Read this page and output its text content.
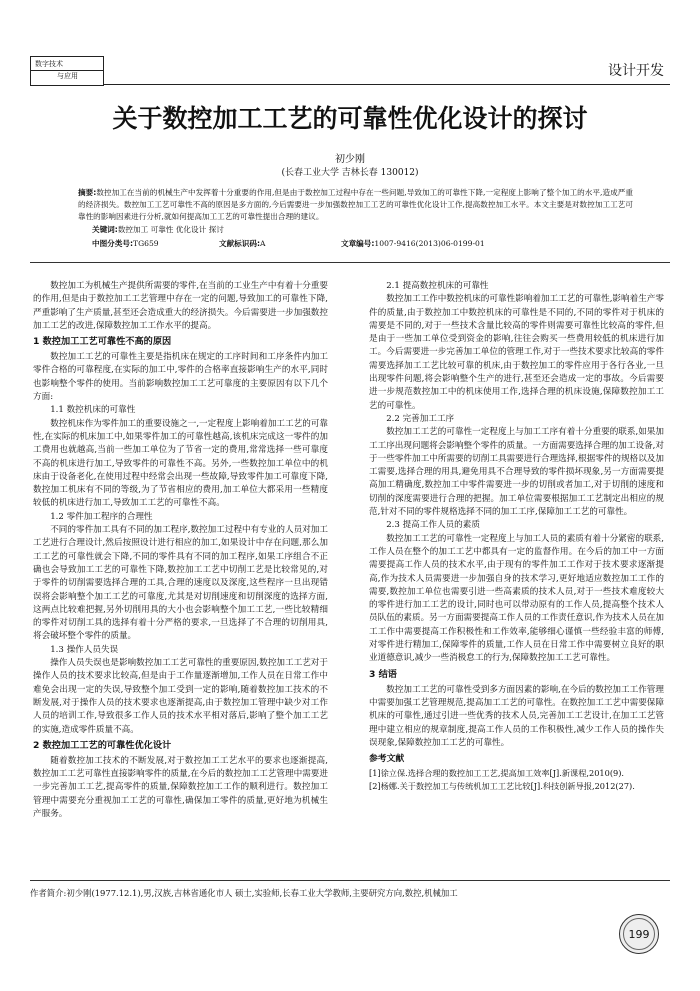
数字技术
与应用	设计开发
关于数控加工工艺的可靠性优化设计的探讨
初少刚
(长春工业大学 吉林长春 130012)
摘要:数控加工在当前的机械生产中发挥着十分重要的作用,但是由于数控加工过程中存在一些问题,导致加工的可靠性下降,一定程度上影响了整个加工的水平,造成严重的经济损失。数控加工工艺可靠性不高的原因是多方面的,今后需要进一步加强数控加工工艺的可靠性优化设计工作,提高数控加工水平。本文主要是对数控加工工艺可靠性的影响因素进行分析,就如何提高加工工艺的可靠性提出合理的建议。
关键词:数控加工 可靠性 优化设计 探讨
中图分类号:TG659	文献标识码:A	文章编号:1007-9416(2013)06-0199-01

数控加工为机械生产提供所需要的零件,在当前的工业生产中有着十分重要的作用,但是由于数控加工工艺管理中存在一定的问题,导致加工的可靠性下降,严重影响了生产质量,甚至还会造成重大的经济损失。今后需要进一步加强数控加工工艺的改进,保障数控加工工作水平的提高。

1 数控加工工艺可靠性不高的原因

数控加工工艺的可靠性主要是指机床在规定的工序时间和工序条件内加工零件合格的可靠程度,在实际的加工中,零件的合格率直接影响生产的水平,同时也影响整个零件的使用。当前影响数控加工工艺可靠度的主要原因有以下几个方面:

1.1 数控机床的可靠性

数控机床作为零件加工的重要设施之一,一定程度上影响着加工工艺的可靠性,在实际的机床加工中,如果零件加工的可靠性越高,该机床完成这一零件的加工费用也就越高,当前一些加工单位为了节省一定的费用,常常选择一些可靠度不高的机床进行加工,导致零件的可靠性不高。另外,一些数控加工单位中的机床由于设备老化,在使用过程中经常会出现一些故障,导致零件加工可靠度下降,数控加工机床有不同的等级,为了节省相应的费用,加工单位大都采用一些精度较低的机床进行加工,导致加工工艺的可靠性不高。

1.2 零件加工程序的合理性

不同的零件加工具有不同的加工程序,数控加工过程中有专业的人员对加工工艺进行合理设计,然后按照设计进行相应的加工,如果设计中存在问题,那么加工工艺的可靠性就会下降,不同的零件具有不同的加工程序,如果工序组合不正确也会导致加工工艺的可靠性下降,数控加工工艺中切削工艺是比较常见的,对于零件的切削需要选择合理的工具,合理的速度以及深度,这些程序一旦出现错误将会影响整个加工工艺的可靠度,尤其是对切削速度和切削深度的选择方面,这两点比较难把握,另外切削用具的大小也会影响整个加工工艺,一些比较精细的零件对切削工具的选择有着十分严格的要求,一旦选择了不合理的切削用具,将会破坏整个零件的质量。

1.3 操作人员失误

操作人员失误也是影响数控加工工艺可靠性的重要原因,数控加工工艺对于操作人员的技术要求比较高,但是由于工作量逐渐增加,工作人员在日常工作中难免会出现一定的失误,导致整个加工受到一定的影响,随着数控加工技术的不断发展,对于操作人员的技术要求也逐渐提高,由于数控加工管理中缺少对工作人员的培训工作,导致很多工作人员的技术水平相对落后,影响了整个加工工艺的实施,造成零件质量不高。

2 数控加工工艺的可靠性优化设计

随着数控加工技术的不断发展,对于数控加工工艺水平的要求也逐渐提高,数控加工工艺可靠性直接影响零件的质量,在今后的数控加工工艺管理中需要进一步完善加工工艺,提高零件的质量,保障数控加工工作的顺利进行。数控加工管理中需要充分重视加工工艺的可靠性,确保加工零件的质量,更好地为机械生产服务。

2.1 提高数控机床的可靠性

数控加工工作中数控机床的可靠性影响着加工工艺的可靠性,影响着生产零件的质量,由于数控加工中数控机床的可靠性是不同的,不同的零件对于机床的需要是不同的,对于一些技术含量比较高的零件则需要可靠性比较高的零件,但是由于一些加工单位受到资金的影响,往往会购买一些费用较低的机床进行加工。今后需要进一步完善加工单位的管理工作,对于一些技术要求比较高的零件需要选择加工工艺比较可靠的机床,由于数控加工的零件应用于各行各业,一旦出现零件问题,将会影响整个生产的进行,甚至还会造成一定的事故。今后需要进一步规范数控加工中的机床使用工作,选择合理的机床设施,保障数控加工工艺的可靠性。

2.2 完善加工工序

数控加工工艺的可靠性一定程度上与加工工序有着十分重要的联系,如果加工工序出现问题将会影响整个零件的质量。一方面需要选择合理的加工设备,对于一些零件加工中所需要的切削工具需要进行合理选择,根据零件的规格以及加工需要,选择合理的用具,避免用具不合理导致的零件损坏现象,另一方面需要提高加工精确度,数控加工中零件需要进一步的切削或者加工,对于切削的速度和切削的深度需要进行合理的把握。加工单位需要根据加工工艺制定出相应的规范,针对不同的零件规格选择不同的加工工序,保障加工工艺的可靠性。

2.3 提高工作人员的素质

数控加工工艺的可靠性一定程度上与加工人员的素质有着十分紧密的联系,工作人员在整个的加工工艺中都具有一定的监督作用。在今后的加工中一方面需要提高工作人员的技术水平,由于现有的零件加工工作对于技术要求逐渐提高,作为技术人员需要进一步加强自身的技术学习,更好地适应数控加工工作的需要,数控加工单位也需要引进一些高素质的技术人员,对于一些技术难度较大的零件进行加工工艺的设计,同时也可以带动原有的工作人员,提高整个技术人员队伍的素质。另一方面需要提高工作人员的工作责任意识,作为技术人员在加工工作中需要提高工作积极性和工作效率,能够细心谨慎一些经验丰富的师傅,对零件进行精加工,保障零件的质量,工作人员在日常工作中需要树立良好的职业道德意识,减少一些消极怠工的行为,保障数控加工工艺可靠性。

3 结语

数控加工工艺的可靠性受到多方面因素的影响,在今后的数控加工工作管理中需要加强工艺管理规范,提高加工工艺的可靠性。在数控加工工艺中需要保障机床的可靠性,通过引进一些优秀的技术人员,完善加工工艺设计,在加工工艺管理中建立相应的规章制度,提高工作人员的工作积极性,减少工作人员的操作失误现象,保障数控加工工艺的可靠性。

参考文献

[1]徐立保.选择合理的数控加工工艺,提高加工效率[J].新课程,2010(9).

[2]杨娜.关于数控加工与传统机加工工艺比较[J].科技创新导报,2012(27).

作者简介:初少刚(1977.12.1),男,汉族,吉林省通化市人 硕士,实验师,长春工业大学教师,主要研究方向,数控,机械加工
199
